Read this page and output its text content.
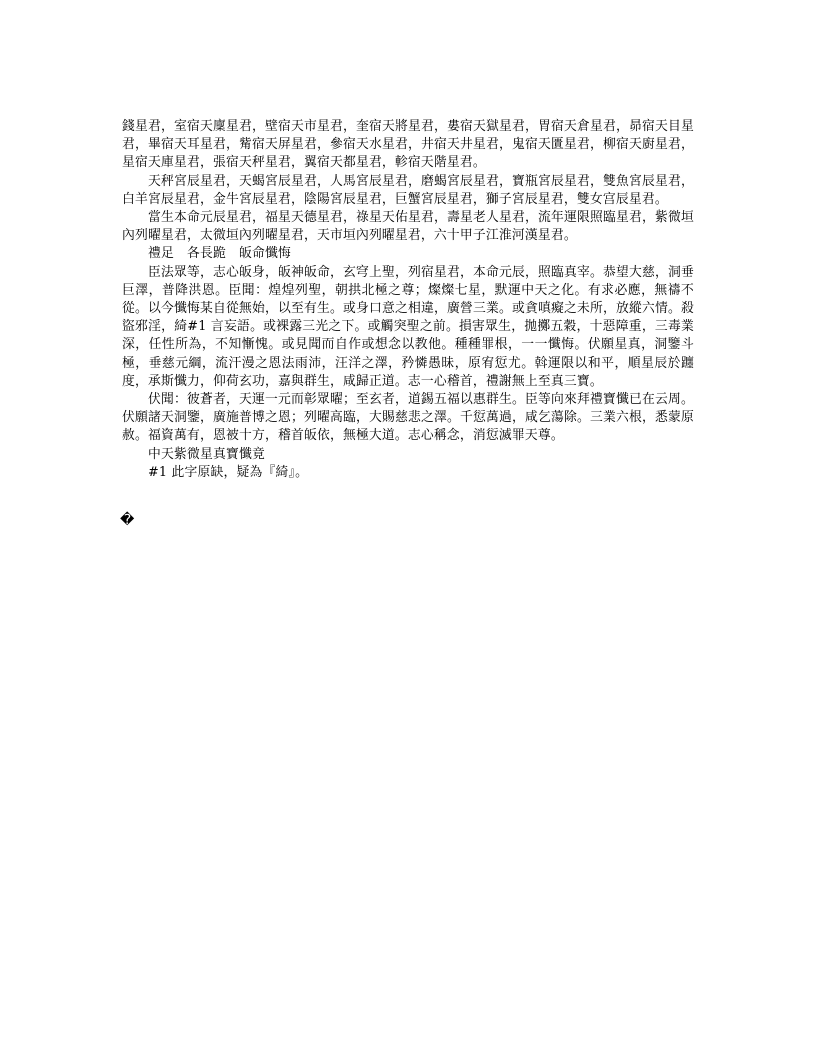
錢星君，室宿天廩星君，壁宿天市星君，奎宿天將星君，婁宿天獄星君，胃宿天倉星君，昴宿天目星君，畢宿天耳星君，觜宿天屏星君，參宿天水星君，井宿天井星君，鬼宿天匱星君，柳宿天廚星君，星宿天庫星君，張宿天秤星君，翼宿天都星君，軫宿天階星君。

天秤宮辰星君，天蝎宮辰星君，人馬宮辰星君，磨蝎宮辰星君，寶瓶宮辰星君，雙魚宮辰星君，白羊宮辰星君，金牛宮辰星君，陰陽宮辰星君，巨蟹宮辰星君，獅子宮辰星君，雙女宫辰星君。

當生本命元辰星君，福星天德星君，祿星天佑星君，壽星老人星君，流年運限照臨星君，紫微垣內列曜星君，太微垣內列曜星君，天市垣內列曜星君，六十甲子江淮河漢星君。

禮足　各長跪　皈命懺悔

臣法眾等，志心皈身，皈神皈命，玄穹上聖，列宿星君，本命元辰，照臨真宰。恭望大慈，洞垂巨澤，普降洪恩。臣聞：煌煌列聖，朝拱北極之尊；燦燦七星，默運中天之化。有求必應，無禱不從。以今懺悔某自從無始，以至有生。或身口意之相違，廣營三業。或貪嗔癡之未所，放縱六情。殺盜邪淫，綺#1 言妄語。或裸露三光之下。或觸突聖之前。損害眾生，拋擲五穀，十惡障重，三毒業深，任性所為，不知慚愧。或見聞而自作或想念以教他。種種罪根，一一懺悔。伏願星真，洞鑒斗極，垂慈元綱，流汗漫之恩法雨沛，汪洋之澤，矜憐愚昧，原宥愆尤。斡運限以和平，順星辰於躔度，承斯懺力，仰荷玄功，嘉與群生，咸歸正道。志一心稽首，禮謝無上至真三寶。

伏聞：彼蒼者，天運一元而彰眾曜；至玄者，道錫五福以惠群生。臣等向來拜禮寶懺已在云周。伏願諸天洞鑒，廣施普博之恩；列曜高臨，大賜慈悲之澤。千愆萬過，咸乞蕩除。三業六根，悉蒙原赦。福資萬有，恩被十方，稽首皈依，無極大道。志心稱念，消愆滅罪天尊。

中天紫微星真寶懺竟

#1 此字原缺，疑為『綺』。

�
